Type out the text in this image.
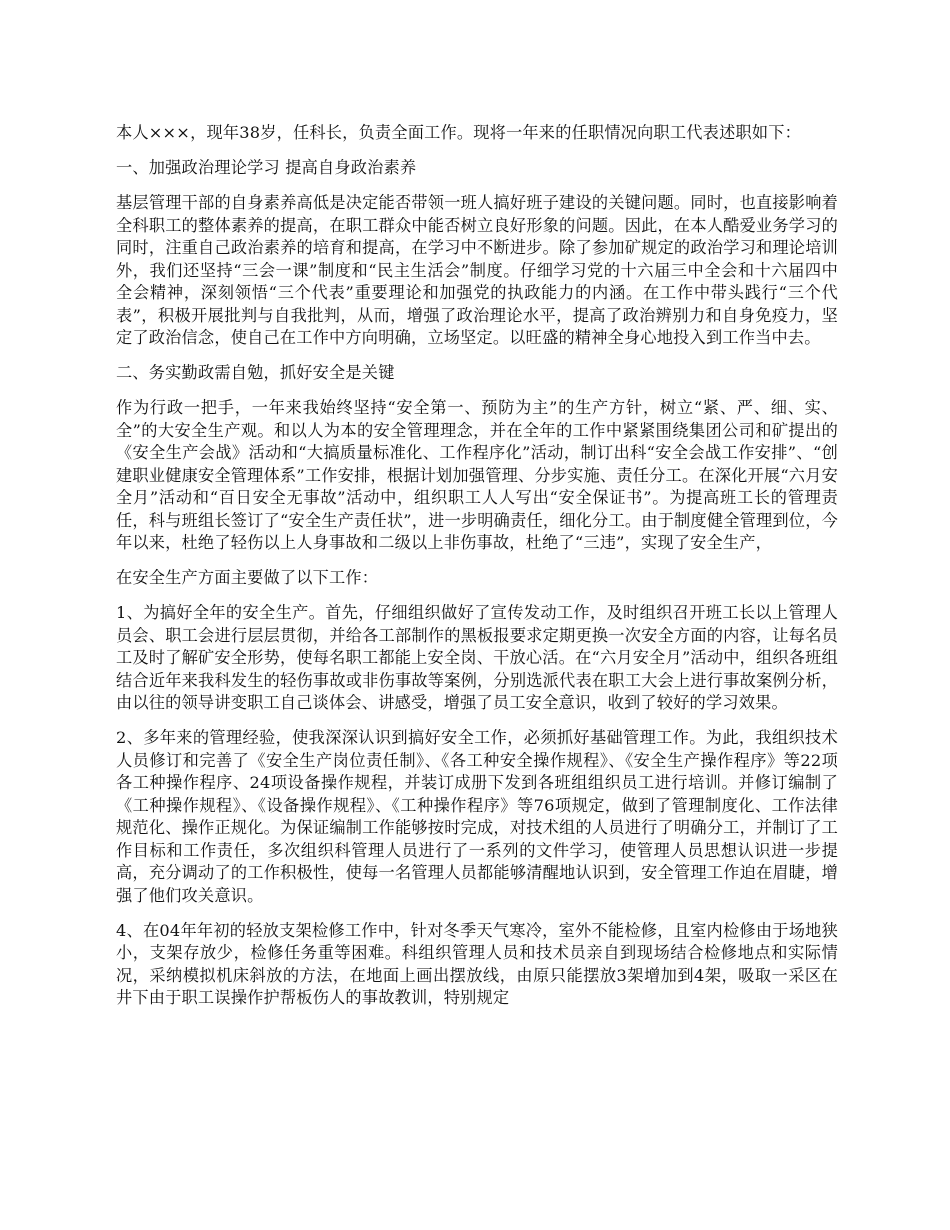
本人×××，现年38岁，任科长，负责全面工作。现将一年来的任职情况向职工代表述职如下：

一、加强政治理论学习 提高自身政治素养

基层管理干部的自身素养高低是决定能否带领一班人搞好班子建设的关键问题。同时，也直接影响着全科职工的整体素养的提高，在职工群众中能否树立良好形象的问题。因此，在本人酷爱业务学习的同时，注重自己政治素养的培育和提高，在学习中不断进步。除了参加矿规定的政治学习和理论培训外，我们还坚持“三会一课”制度和“民主生活会”制度。仔细学习党的十六届三中全会和十六届四中全会精神，深刻领悟“三个代表”重要理论和加强党的执政能力的内涵。在工作中带头践行“三个代表”，积极开展批判与自我批判，从而，增强了政治理论水平，提高了政治辨别力和自身免疫力，坚定了政治信念，使自己在工作中方向明确，立场坚定。以旺盛的精神全身心地投入到工作当中去。

二、务实勤政需自勉，抓好安全是关键

作为行政一把手，一年来我始终坚持“安全第一、预防为主”的生产方针，树立“紧、严、细、实、全”的大安全生产观。和以人为本的安全管理理念，并在全年的工作中紧紧围绕集团公司和矿提出的《安全生产会战》活动和“大搞质量标准化、工作程序化”活动，制订出科“安全会战工作安排”、“创建职业健康安全管理体系”工作安排，根据计划加强管理、分步实施、责任分工。在深化开展“六月安全月”活动和“百日安全无事故”活动中，组织职工人人写出“安全保证书”。为提高班工长的管理责任，科与班组长签订了“安全生产责任状”，进一步明确责任，细化分工。由于制度健全管理到位，今年以来，杜绝了轻伤以上人身事故和二级以上非伤事故，杜绝了“三违”，实现了安全生产，

在安全生产方面主要做了以下工作：

1、为搞好全年的安全生产。首先，仔细组织做好了宣传发动工作，及时组织召开班工长以上管理人员会、职工会进行层层贯彻，并给各工部制作的黑板报要求定期更换一次安全方面的内容，让每名员工及时了解矿安全形势，使每名职工都能上安全岗、干放心活。在“六月安全月”活动中，组织各班组结合近年来我科发生的轻伤事故或非伤事故等案例，分别选派代表在职工大会上进行事故案例分析，由以往的领导讲变职工自己谈体会、讲感受，增强了员工安全意识，收到了较好的学习效果。

2、多年来的管理经验，使我深深认识到搞好安全工作，必须抓好基础管理工作。为此，我组织技术人员修订和完善了《安全生产岗位责任制》、《各工种安全操作规程》、《安全生产操作程序》等22项各工种操作程序、24项设备操作规程，并装订成册下发到各班组组织员工进行培训。并修订编制了《工种操作规程》、《设备操作规程》、《工种操作程序》等76项规定，做到了管理制度化、工作法律规范化、操作正规化。为保证编制工作能够按时完成，对技术组的人员进行了明确分工，并制订了工作目标和工作责任，多次组织科管理人员进行了一系列的文件学习，使管理人员思想认识进一步提高，充分调动了的工作积极性，使每一名管理人员都能够清醒地认识到，安全管理工作迫在眉睫，增强了他们攻关意识。

4、在04年年初的轻放支架检修工作中，针对冬季天气寒冷，室外不能检修，且室内检修由于场地狭小，支架存放少，检修任务重等困难。科组织管理人员和技术员亲自到现场结合检修地点和实际情况，采纳模拟机床斜放的方法，在地面上画出摆放线，由原只能摆放3架增加到4架，吸取一采区在井下由于职工误操作护帮板伤人的事故教训，特别规定
